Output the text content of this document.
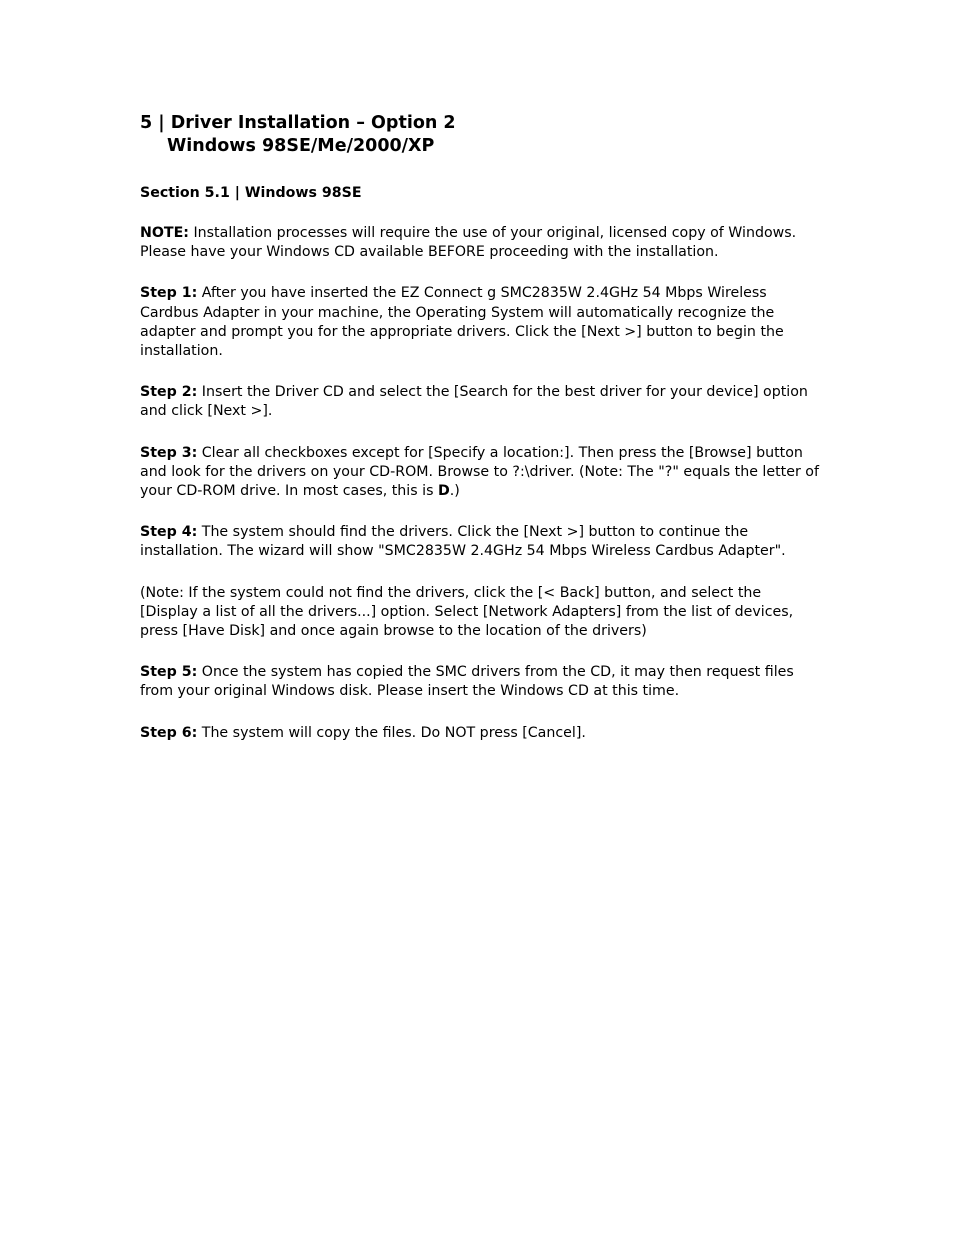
5 | Driver Installation – Option 2
Windows 98SE/Me/2000/XP
Section 5.1 | Windows 98SE

NOTE: Installation processes will require the use of your original, licensed copy of Windows. Please have your Windows CD available BEFORE proceeding with the installation.

Step 1: After you have inserted the EZ Connect g SMC2835W 2.4GHz 54 Mbps Wireless Cardbus Adapter in your machine, the Operating System will automatically recognize the adapter and prompt you for the appropriate drivers. Click the [Next >] button to begin the installation.

Step 2: Insert the Driver CD and select the [Search for the best driver for your device] option and click [Next >].

Step 3: Clear all checkboxes except for [Specify a location:]. Then press the [Browse] button and look for the drivers on your CD-ROM. Browse to ?:\driver. (Note: The "?" equals the letter of your CD-ROM drive. In most cases, this is D.)

Step 4: The system should find the drivers. Click the [Next >] button to continue the installation. The wizard will show "SMC2835W 2.4GHz 54 Mbps Wireless Cardbus Adapter".

(Note: If the system could not find the drivers, click the [< Back] button, and select the [Display a list of all the drivers...] option. Select [Network Adapters] from the list of devices, press [Have Disk] and once again browse to the location of the drivers)

Step 5: Once the system has copied the SMC drivers from the CD, it may then request files from your original Windows disk. Please insert the Windows CD at this time.

Step 6: The system will copy the files. Do NOT press [Cancel].
